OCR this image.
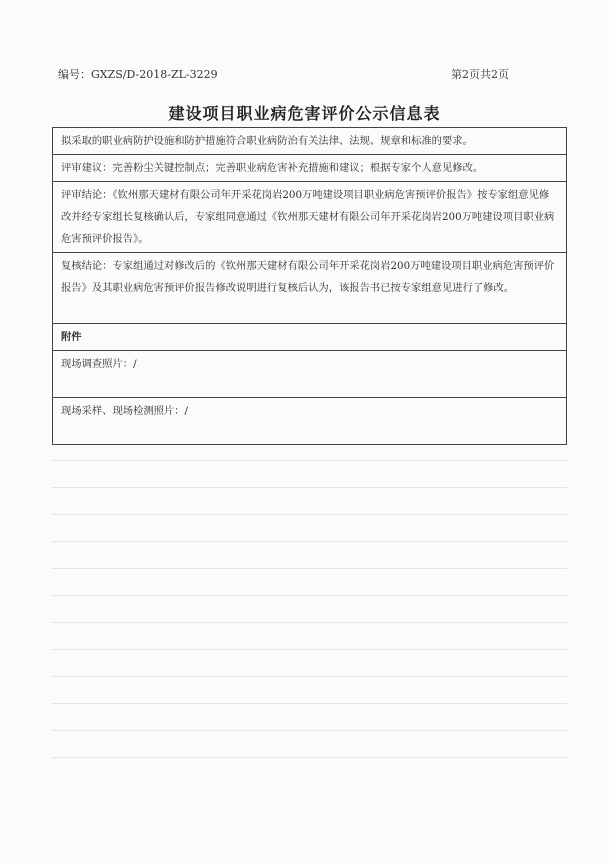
编号：GXZS/D-2018-ZL-3229	第2页共2页
建设项目职业病危害评价公示信息表
拟采取的职业病防护设施和防护措施符合职业病防治有关法律、法规、规章和标准的要求。
评审建议：完善粉尘关键控制点；完善职业病危害补充措施和建议；根据专家个人意见修改。
评审结论：《钦州那天建材有限公司年开采花岗岩200万吨建设项目职业病危害预评价报告》按专家组意见修改并经专家组长复核确认后，专家组同意通过《钦州那天建材有限公司年开采花岗岩200万吨建设项目职业病危害预评价报告》。
复核结论：专家组通过对修改后的《钦州那天建材有限公司年开采花岗岩200万吨建设项目职业病危害预评价报告》及其职业病危害预评价报告修改说明进行复核后认为，该报告书已按专家组意见进行了修改。
附件
现场调查照片：/
现场采样、现场检测照片：/
